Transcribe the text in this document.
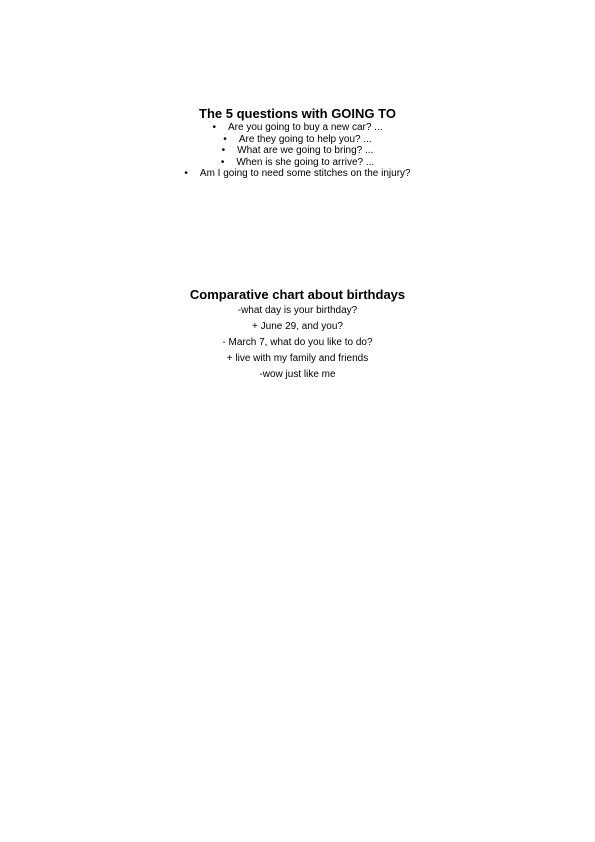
The 5 questions with GOING TO
• Are you going to buy a new car? ...
• Are they going to help you? ...
• What are we going to bring? ...
• When is she going to arrive? ...
• Am I going to need some stitches on the injury?
Comparative chart about birthdays
-what day is your birthday?
+ June 29, and you?
- March 7, what do you like to do?
+ live with my family and friends
-wow just like me
